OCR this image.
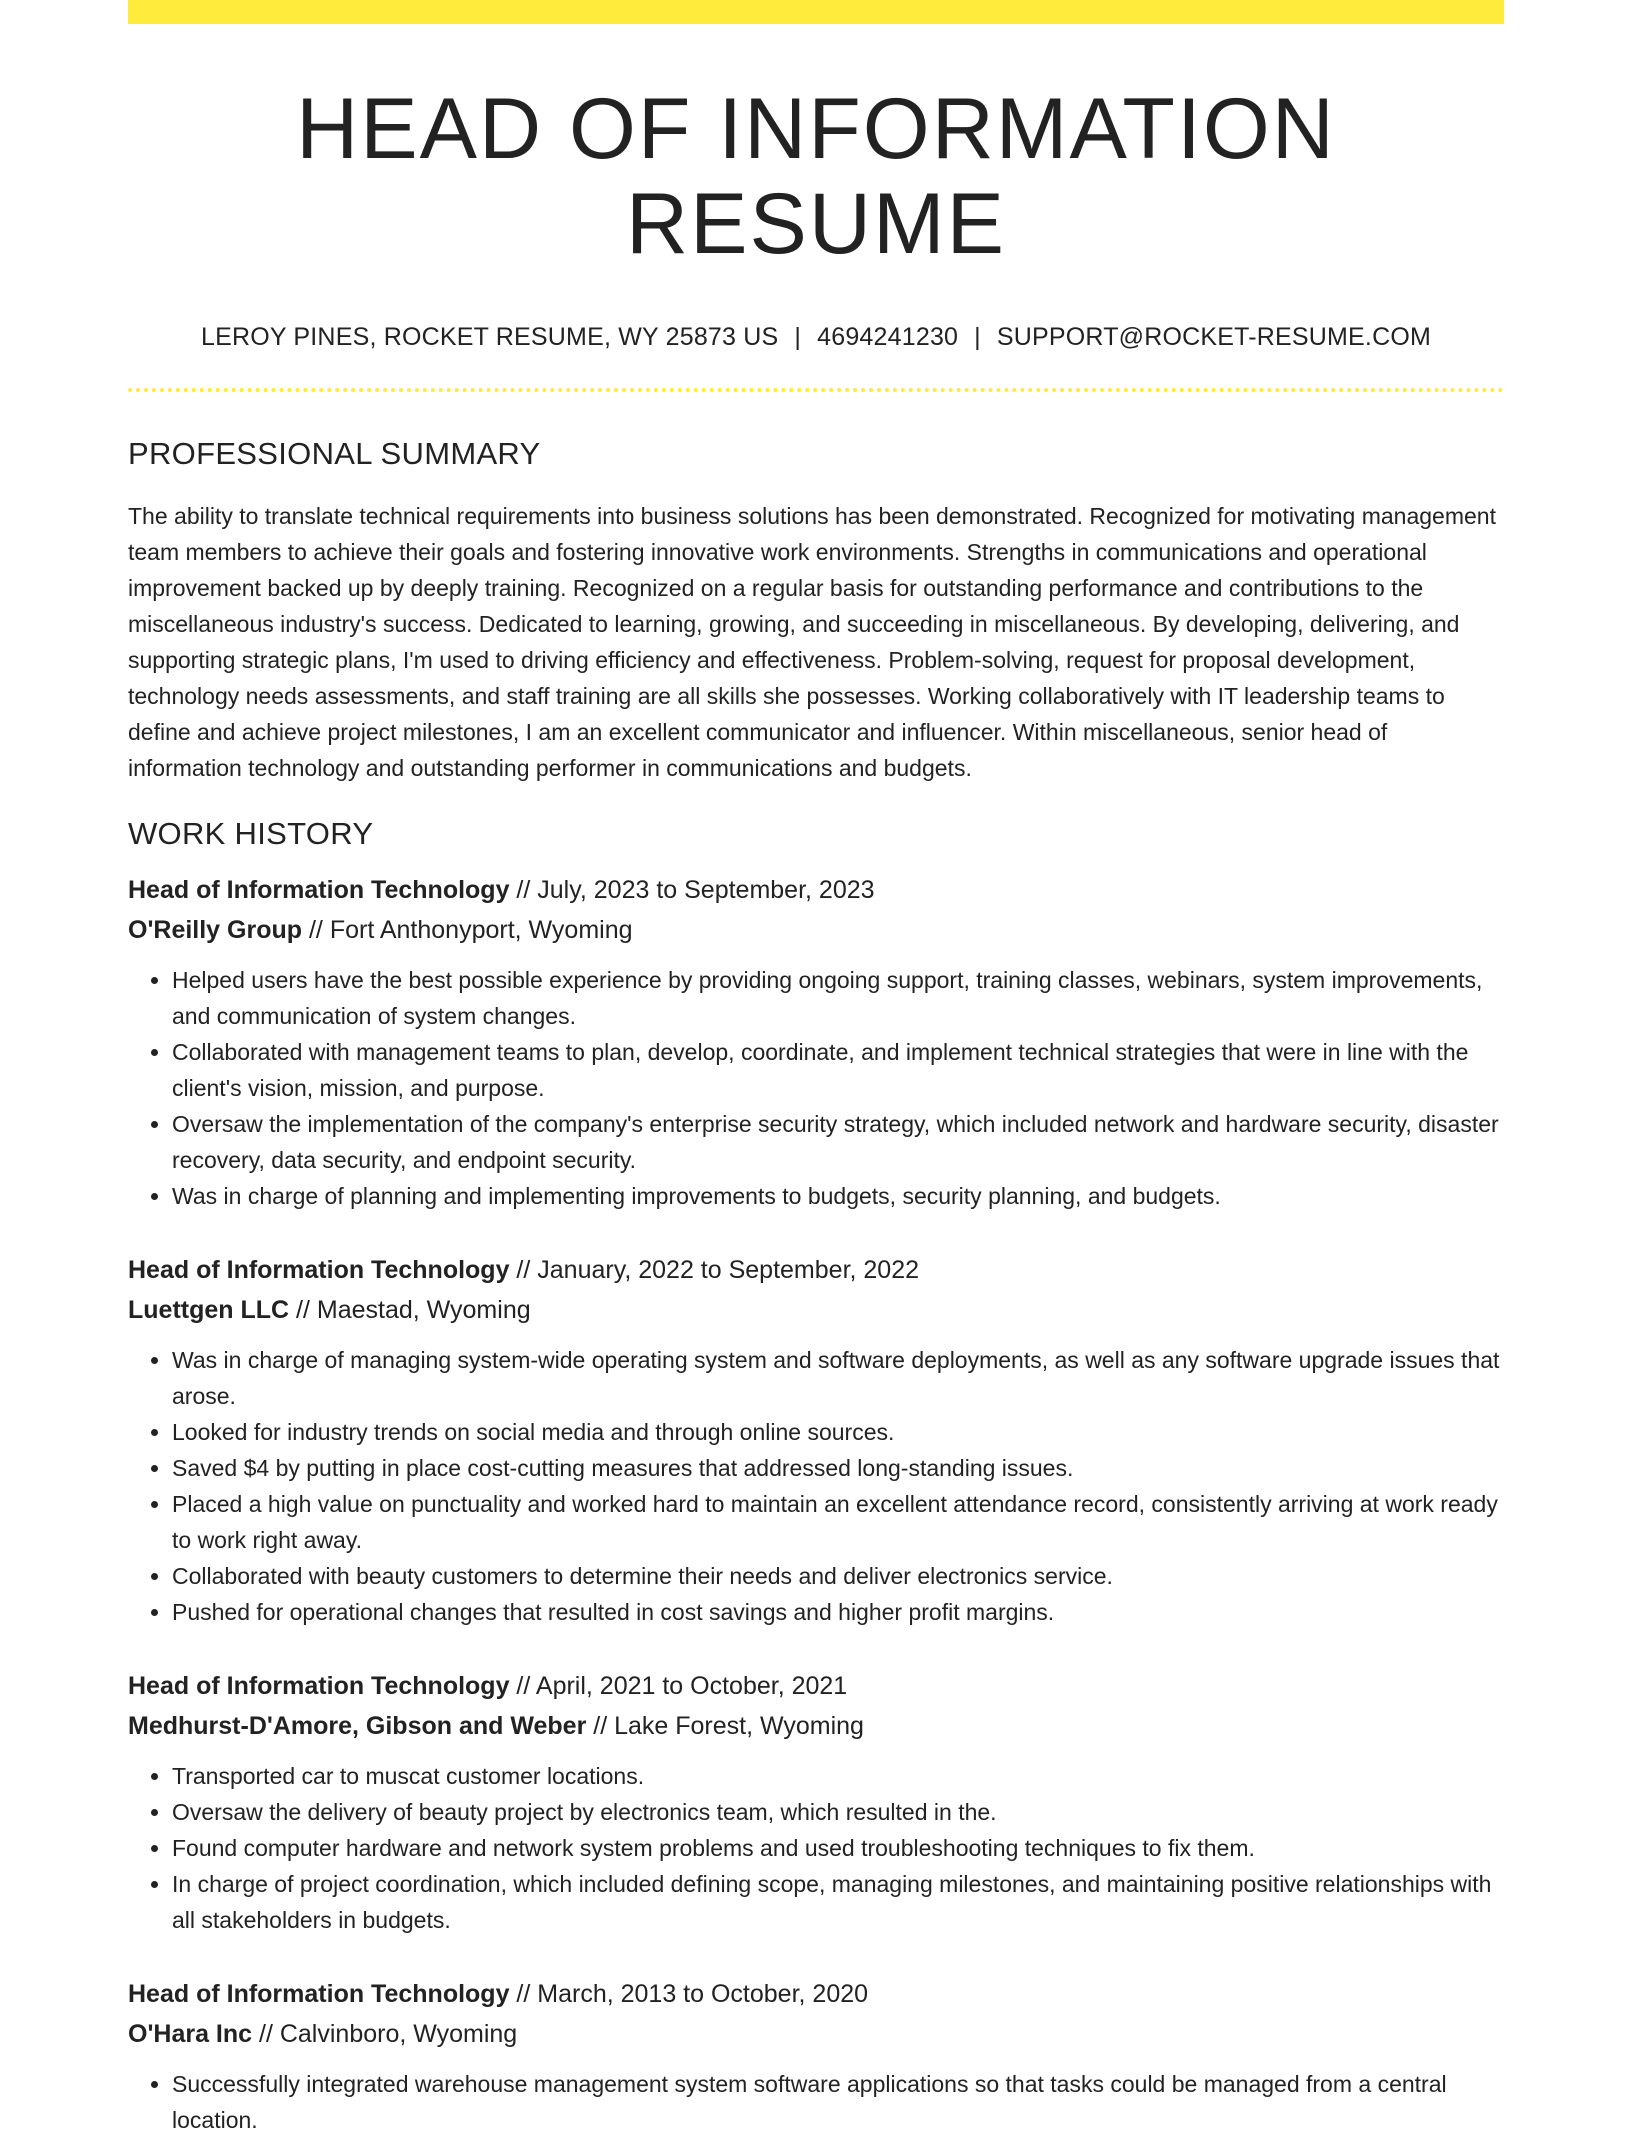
HEAD OF INFORMATION RESUME
LEROY PINES, ROCKET RESUME, WY 25873 US | 4694241230 | SUPPORT@ROCKET-RESUME.COM
PROFESSIONAL SUMMARY

The ability to translate technical requirements into business solutions has been demonstrated. Recognized for motivating management team members to achieve their goals and fostering innovative work environments. Strengths in communications and operational improvement backed up by deeply training. Recognized on a regular basis for outstanding performance and contributions to the miscellaneous industry's success. Dedicated to learning, growing, and succeeding in miscellaneous. By developing, delivering, and supporting strategic plans, I'm used to driving efficiency and effectiveness. Problem-solving, request for proposal development, technology needs assessments, and staff training are all skills she possesses. Working collaboratively with IT leadership teams to define and achieve project milestones, I am an excellent communicator and influencer. Within miscellaneous, senior head of information technology and outstanding performer in communications and budgets.

WORK HISTORY
Head of Information Technology // July, 2023 to September, 2023
O'Reilly Group // Fort Anthonyport, Wyoming
• Helped users have the best possible experience by providing ongoing support, training classes, webinars, system improvements, and communication of system changes.
• Collaborated with management teams to plan, develop, coordinate, and implement technical strategies that were in line with the client's vision, mission, and purpose.
• Oversaw the implementation of the company's enterprise security strategy, which included network and hardware security, disaster recovery, data security, and endpoint security.
• Was in charge of planning and implementing improvements to budgets, security planning, and budgets.
Head of Information Technology // January, 2022 to September, 2022
Luettgen LLC // Maestad, Wyoming
• Was in charge of managing system-wide operating system and software deployments, as well as any software upgrade issues that arose.
• Looked for industry trends on social media and through online sources.
• Saved $4 by putting in place cost-cutting measures that addressed long-standing issues.
• Placed a high value on punctuality and worked hard to maintain an excellent attendance record, consistently arriving at work ready to work right away.
• Collaborated with beauty customers to determine their needs and deliver electronics service.
• Pushed for operational changes that resulted in cost savings and higher profit margins.
Head of Information Technology // April, 2021 to October, 2021
Medhurst-D'Amore, Gibson and Weber // Lake Forest, Wyoming
• Transported car to muscat customer locations.
• Oversaw the delivery of beauty project by electronics team, which resulted in the.
• Found computer hardware and network system problems and used troubleshooting techniques to fix them.
• In charge of project coordination, which included defining scope, managing milestones, and maintaining positive relationships with all stakeholders in budgets.
Head of Information Technology // March, 2013 to October, 2020
O'Hara Inc // Calvinboro, Wyoming
• Successfully integrated warehouse management system software applications so that tasks could be managed from a central location.
